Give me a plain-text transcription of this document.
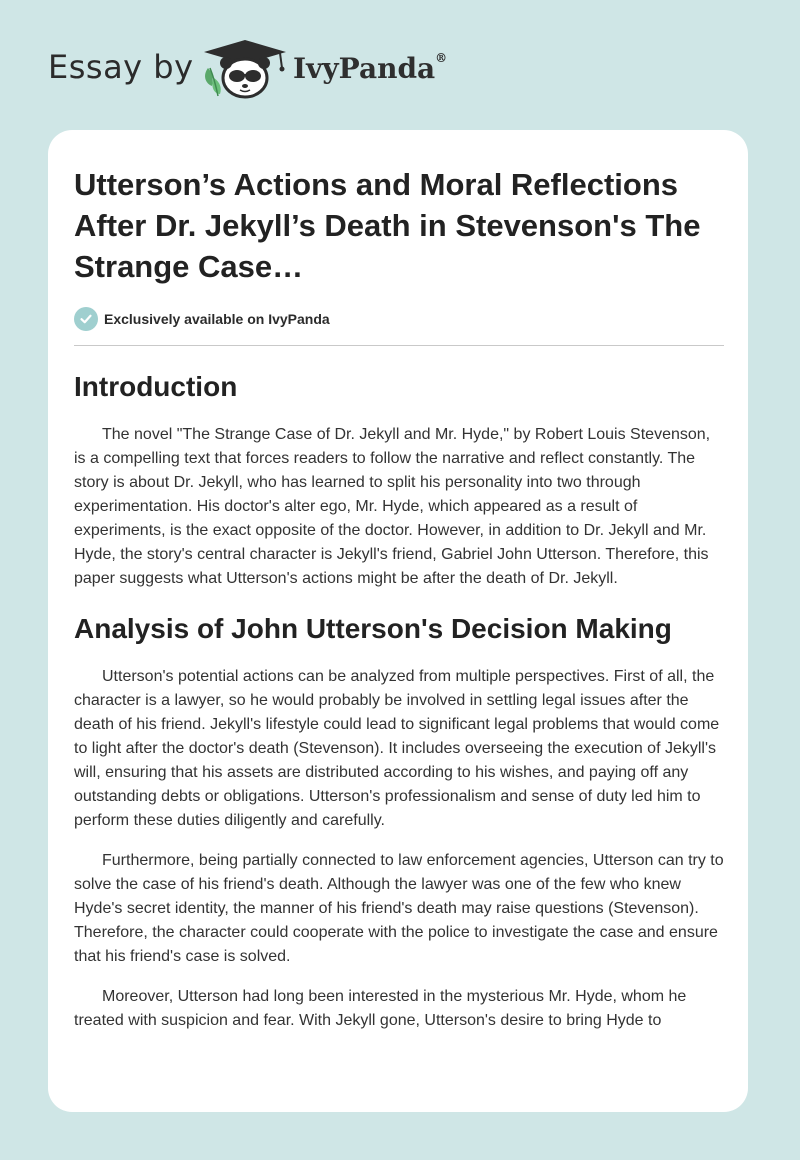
Essay by	IvyPanda®
Utterson’s Actions and Moral Reflections After Dr. Jekyll’s Death in Stevenson's The Strange Case…
Exclusively available on IvyPanda
Introduction

The novel "The Strange Case of Dr. Jekyll and Mr. Hyde," by Robert Louis Stevenson, is a compelling text that forces readers to follow the narrative and reflect constantly. The story is about Dr. Jekyll, who has learned to split his personality into two through experimentation. His doctor's alter ego, Mr. Hyde, which appeared as a result of experiments, is the exact opposite of the doctor. However, in addition to Dr. Jekyll and Mr. Hyde, the story's central character is Jekyll's friend, Gabriel John Utterson. Therefore, this paper suggests what Utterson's actions might be after the death of Dr. Jekyll.

Analysis of John Utterson's Decision Making

Utterson's potential actions can be analyzed from multiple perspectives. First of all, the character is a lawyer, so he would probably be involved in settling legal issues after the death of his friend. Jekyll's lifestyle could lead to significant legal problems that would come to light after the doctor's death (Stevenson). It includes overseeing the execution of Jekyll's will, ensuring that his assets are distributed according to his wishes, and paying off any outstanding debts or obligations. Utterson's professionalism and sense of duty led him to perform these duties diligently and carefully.

Furthermore, being partially connected to law enforcement agencies, Utterson can try to solve the case of his friend's death. Although the lawyer was one of the few who knew Hyde's secret identity, the manner of his friend's death may raise questions (Stevenson). Therefore, the character could cooperate with the police to investigate the case and ensure that his friend's case is solved.

Moreover, Utterson had long been interested in the mysterious Mr. Hyde, whom he treated with suspicion and fear. With Jekyll gone, Utterson's desire to bring Hyde to
